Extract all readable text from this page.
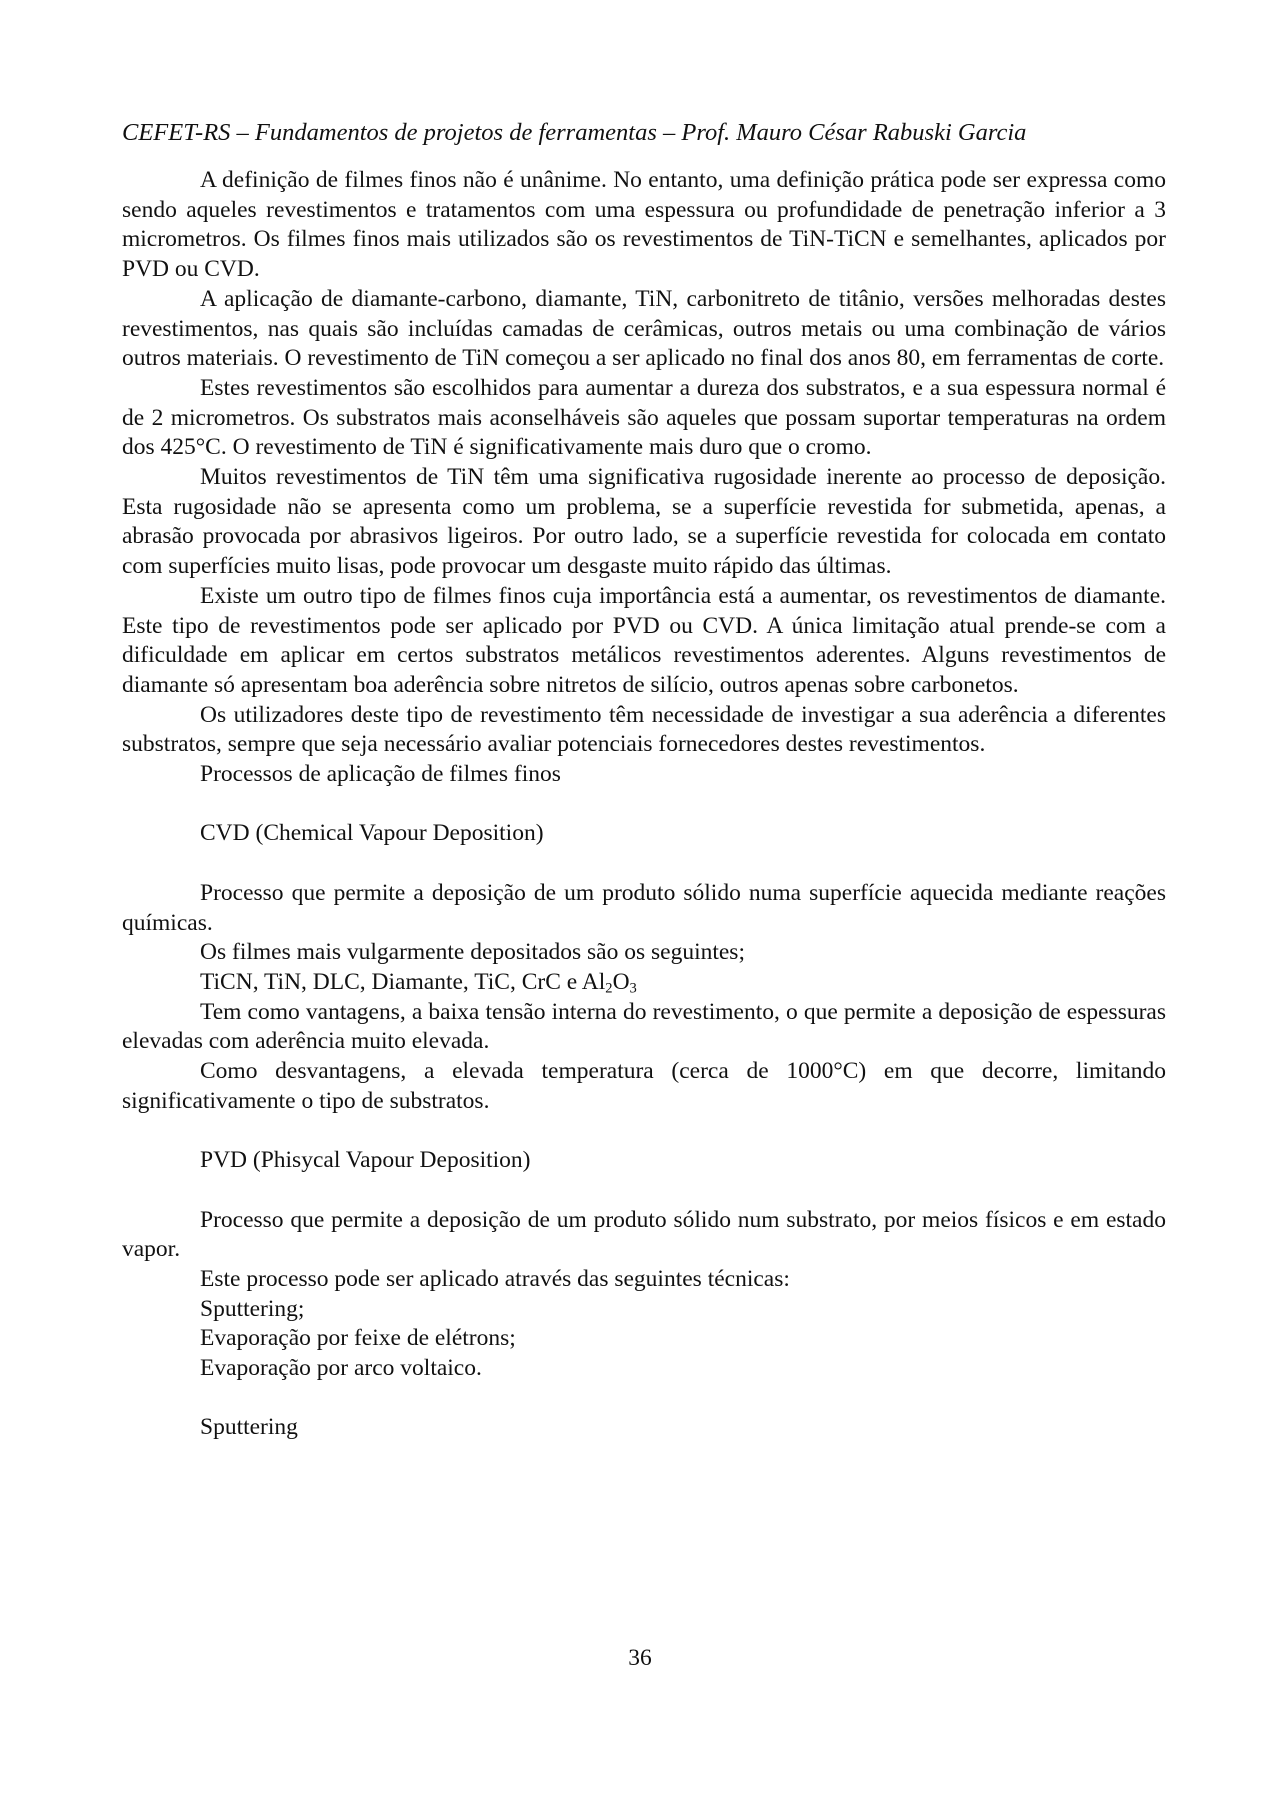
CEFET-RS – Fundamentos de projetos de ferramentas – Prof. Mauro César Rabuski Garcia

A definição de filmes finos não é unânime. No entanto, uma definição prática pode ser expressa como sendo aqueles revestimentos e tratamentos com uma espessura ou profundidade de penetração inferior a 3 micrometros. Os filmes finos mais utilizados são os revestimentos de TiN-TiCN e semelhantes, aplicados por PVD ou CVD.

A aplicação de diamante-carbono, diamante, TiN, carbonitreto de titânio, versões melhoradas destes revestimentos, nas quais são incluídas camadas de cerâmicas, outros metais ou uma combinação de vários outros materiais. O revestimento de TiN começou a ser aplicado no final dos anos 80, em ferramentas de corte.

Estes revestimentos são escolhidos para aumentar a dureza dos substratos, e a sua espessura normal é de 2 micrometros. Os substratos mais aconselháveis são aqueles que possam suportar temperaturas na ordem dos 425°C. O revestimento de TiN é significativamente mais duro que o cromo.

Muitos revestimentos de TiN têm uma significativa rugosidade inerente ao processo de deposição. Esta rugosidade não se apresenta como um problema, se a superfície revestida for submetida, apenas, a abrasão provocada por abrasivos ligeiros. Por outro lado, se a superfície revestida for colocada em contato com superfícies muito lisas, pode provocar um desgaste muito rápido das últimas.

Existe um outro tipo de filmes finos cuja importância está a aumentar, os revestimentos de diamante. Este tipo de revestimentos pode ser aplicado por PVD ou CVD. A única limitação atual prende-se com a dificuldade em aplicar em certos substratos metálicos revestimentos aderentes. Alguns revestimentos de diamante só apresentam boa aderência sobre nitretos de silício, outros apenas sobre carbonetos.

Os utilizadores deste tipo de revestimento têm necessidade de investigar a sua aderência a diferentes substratos, sempre que seja necessário avaliar potenciais fornecedores destes revestimentos.

Processos de aplicação de filmes finos

CVD (Chemical Vapour Deposition)

Processo que permite a deposição de um produto sólido numa superfície aquecida mediante reações químicas.

Os filmes mais vulgarmente depositados são os seguintes;

TiCN, TiN, DLC, Diamante, TiC, CrC e $Al_2O_3$

Tem como vantagens, a baixa tensão interna do revestimento, o que permite a deposição de espessuras elevadas com aderência muito elevada.

Como desvantagens, a elevada temperatura (cerca de 1000°C) em que decorre, limitando significativamente o tipo de substratos.

PVD (Phisycal Vapour Deposition)

Processo que permite a deposição de um produto sólido num substrato, por meios físicos e em estado vapor.

Este processo pode ser aplicado através das seguintes técnicas:

Sputtering;

Evaporação por feixe de elétrons;

Evaporação por arco voltaico.

Sputtering

36
